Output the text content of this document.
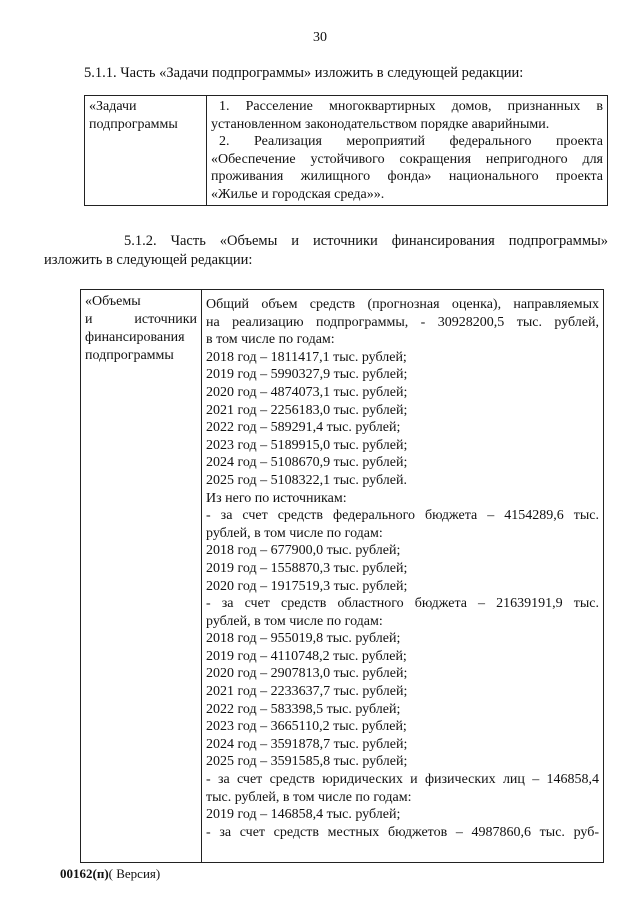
30
5.1.1. Часть «Задачи подпрограммы» изложить в следующей редакции:
«Задачи
подпрограммы

1. Расселение многоквартирных домов, признанных в
установленном законодательством порядке аварийными.
2. Реализация мероприятий федерального проекта
«Обеспечение устойчивого сокращения непригодного для
проживания жилищного фонда» национального проекта
«Жилье и городская среда»».
5.1.2. Часть «Объемы и источники финансирования подпрограммы»
изложить в следующей редакции:
«Объемы
и источники
финансирования
подпрограммы

Общий объем средств (прогнозная оценка), направляемых
на реализацию подпрограммы, - 30928200,5 тыс. рублей,
в том числе по годам:
2018 год – 1811417,1 тыс. рублей;
2019 год – 5990327,9 тыс. рублей;
2020 год – 4874073,1 тыс. рублей;
2021 год – 2256183,0 тыс. рублей;
2022 год – 589291,4 тыс. рублей;
2023 год – 5189915,0 тыс. рублей;
2024 год – 5108670,9 тыс. рублей;
2025 год – 5108322,1 тыс. рублей.
Из него по источникам:
- за счет средств федерального бюджета – 4154289,6 тыс.
рублей, в том числе по годам:
2018 год – 677900,0 тыс. рублей;
2019 год – 1558870,3 тыс. рублей;
2020 год – 1917519,3 тыс. рублей;
- за счет средств областного бюджета – 21639191,9 тыс.
рублей, в том числе по годам:
2018 год – 955019,8 тыс. рублей;
2019 год – 4110748,2 тыс. рублей;
2020 год – 2907813,0 тыс. рублей;
2021 год – 2233637,7 тыс. рублей;
2022 год – 583398,5 тыс. рублей;
2023 год – 3665110,2 тыс. рублей;
2024 год – 3591878,7 тыс. рублей;
2025 год – 3591585,8 тыс. рублей;
- за счет средств юридических и физических лиц – 146858,4
тыс. рублей, в том числе по годам:
2019 год – 146858,4 тыс. рублей;
- за счет средств местных бюджетов – 4987860,6 тыс. руб-
00162(п)( Версия)
